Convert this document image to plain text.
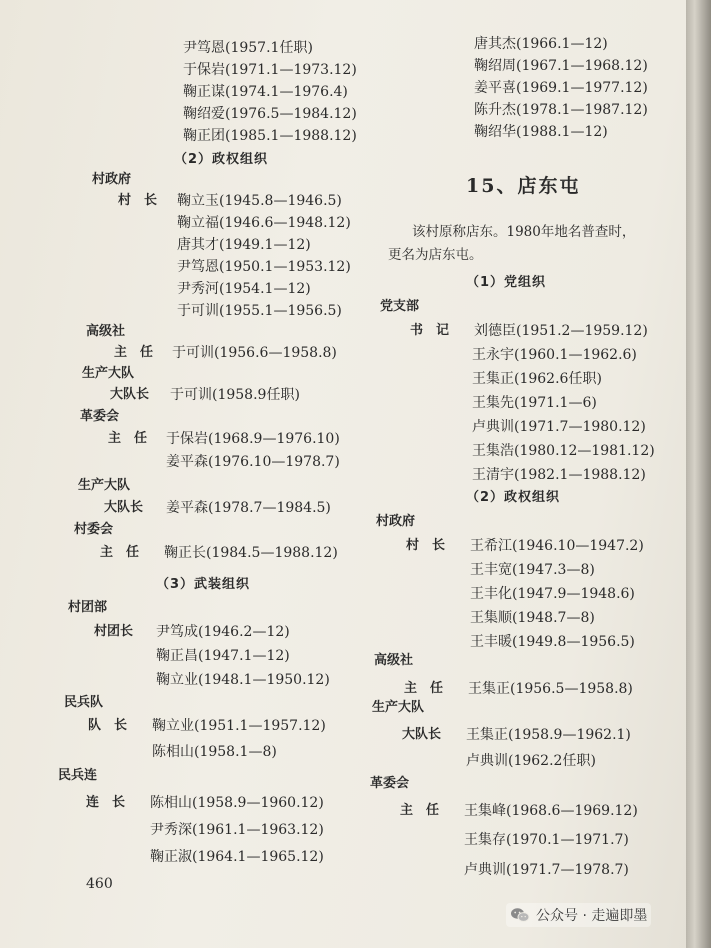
尹笃恩(1957.1任职)
于保岩(1971.1—1973.12)
鞠正谋(1974.1—1976.4)
鞠绍爱(1976.5—1984.12)
鞠正团(1985.1—1988.12)
（2）政权组织
村政府
村　长 鞠立玉(1945.8—1946.5)
鞠立福(1946.6—1948.12)
唐其才(1949.1—12)
尹笃恩(1950.1—1953.12)
尹秀河(1954.1—12)
于可训(1955.1—1956.5)
高级社
主　任 于可训(1956.6—1958.8)
生产大队
大队长 于可训(1958.9任职)
革委会
主　任 于保岩(1968.9—1976.10)
姜平森(1976.10—1978.7)
生产大队
大队长 姜平森(1978.7—1984.5)
村委会
主　任 鞠正长(1984.5—1988.12)
（3）武装组织
村团部
村团长 尹笃成(1946.2—12)
鞠正昌(1947.1—12)
鞠立业(1948.1—1950.12)
民兵队
队　长 鞠立业(1951.1—1957.12)
陈相山(1958.1—8)
民兵连
连　长 陈相山(1958.9—1960.12)
尹秀深(1961.1—1963.12)
鞠正淑(1964.1—1965.12)
460
唐其杰(1966.1—12)
鞠绍周(1967.1—1968.12)
姜平喜(1969.1—1977.12)
陈升杰(1978.1—1987.12)
鞠绍华(1988.1—12)
15、店东屯
该村原称店东。1980年地名普查时，
更名为店东屯。
（1）党组织
党支部
书　记 刘德臣(1951.2—1959.12)
王永宇(1960.1—1962.6)
王集正(1962.6任职)
王集先(1971.1—6)
卢典训(1971.7—1980.12)
王集浩(1980.12—1981.12)
王清宇(1982.1—1988.12)
（2）政权组织
村政府
村　长 王希江(1946.10—1947.2)
王丰宽(1947.3—8)
王丰化(1947.9—1948.6)
王集顺(1948.7—8)
王丰暖(1949.8—1956.5)
高级社
主　任 王集正(1956.5—1958.8)
生产大队
大队长 王集正(1958.9—1962.1)
卢典训(1962.2任职)
革委会
主　任 王集峰(1968.6—1969.12)
王集存(1970.1—1971.7)
卢典训(1971.7—1978.7)
公众号 · 走遍即墨
